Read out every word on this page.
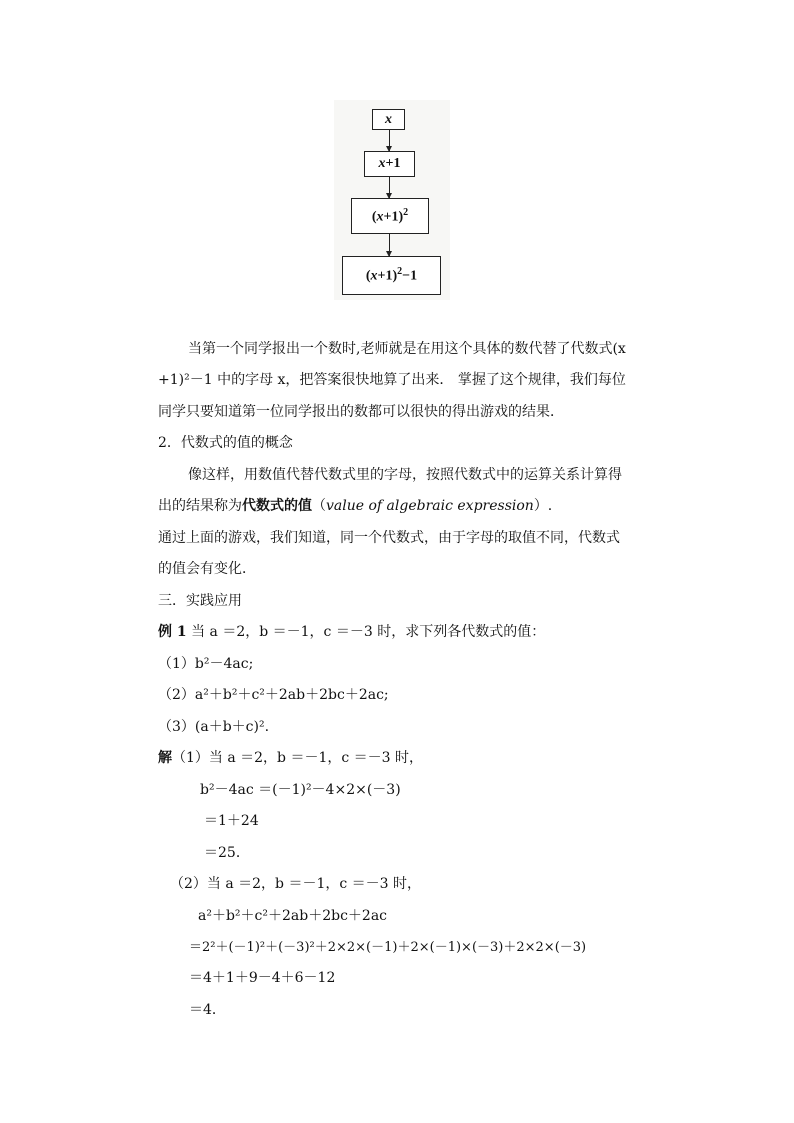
x
x+1
$(x+1)^2$
$(x+1)^2-1$

当第一个同学报出一个数时,老师就是在用这个具体的数代替了代数式(x

+1)²－1 中的字母 x，把答案很快地算了出来． 掌握了这个规律，我们每位

同学只要知道第一位同学报出的数都可以很快的得出游戏的结果．

2．代数式的值的概念

像这样，用数值代替代数式里的字母，按照代数式中的运算关系计算得

出的结果称为代数式的值（value of algebraic expression）.

通过上面的游戏，我们知道，同一个代数式，由于字母的取值不同，代数式

的值会有变化．

三．实践应用

例 1 当 a ＝2，b ＝－1，c ＝－3 时，求下列各代数式的值：

（1）b²－4ac;

（2）a²＋b²＋c²＋2ab＋2bc＋2ac;

（3）(a＋b＋c)².

解（1）当 a ＝2，b ＝－1，c ＝－3 时，

b²－4ac ＝(－1)²－4×2×(－3)

＝1＋24

＝25．

（2）当 a ＝2，b ＝－1，c ＝－3 时，

a²＋b²＋c²＋2ab＋2bc＋2ac

＝2²＋(－1)²＋(－3)²＋2×2×(－1)＋2×(－1)×(－3)＋2×2×(－3)

＝4＋1＋9－4＋6－12

＝4．
